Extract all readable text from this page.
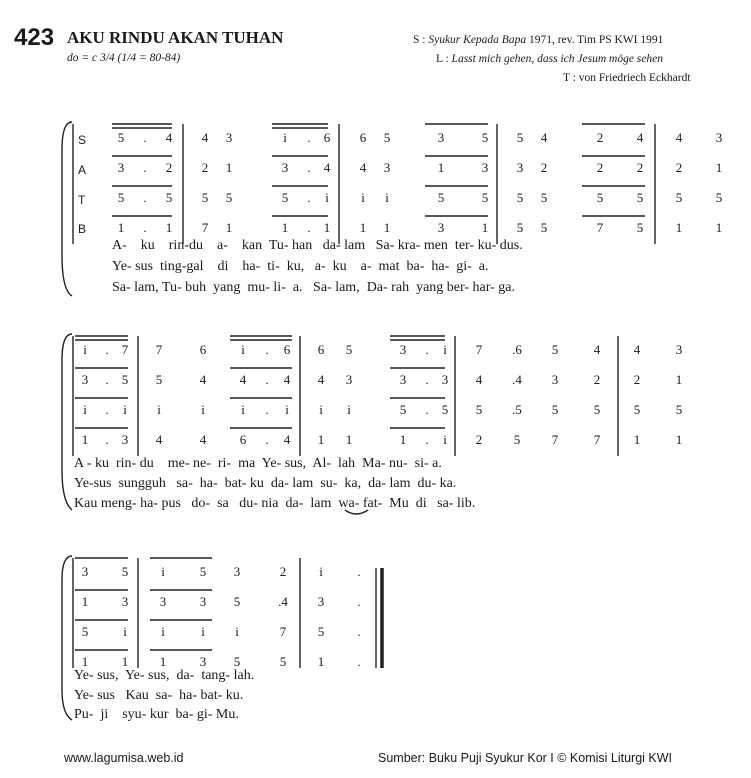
423 AKU RINDU AKAN TUHAN
do = c 3/4 (1/4 = 80-84)
S : Syukur Kepada Bapa 1971, rev. Tim PS KWI 1991
L : Lasst mich gehen, dass ich Jesum möge sehen
T : von Friedriech Eckhardt
S
A
T
B
5	.	4 4 3	i	.	6 6 5	3	5 5 4	2	4	4	3
3	.	2 2 1	3	.	4 4 3	1	3 3 2	2	2	2	1
5	.	5 5 5	5	.	i	i	i	5	5 5 5	5	5	5	5
1	.	1 7 1	1	.	1 1 1	3	1 5 5	7	5	1	1
i	.	7 7	6	i	.	6 6 5	3	.	i	7 .6 5	4	4	3
3	.	5 5	4	4	.	4 4 3	3	.	3 4 .4 3	2	2	1
i	.	i	i	i	i	.	i	i	i	5	.	5 5 .5 5	5	5	5
1	.	3 4	4	6	.	4 1 1	1	.	i	2 5 7	7	1	1
3	5	i	5 3	2	i	.
1	3 3	3 5	.4 3	.
5	i	i	i	i	7 5	.
1	1 1	3 5	5 1	.
A-    ku    rin-du    a-    kan  Tu- han   da- lam   Sa- kra- men  ter- ku- dus.
Ye- sus  ting-gal    di    ha-  ti-  ku,   a-  ku    a-  mat  ba-  ha-  gi-  a.
Sa- lam, Tu- buh  yang  mu- li-  a.   Sa- lam,  Da- rah  yang ber- har- ga.
A - ku  rin- du    me- ne-  ri-  ma  Ye- sus,  Al-  lah  Ma- nu-  si- a.
Ye-sus  sungguh   sa-  ha-  bat- ku  da- lam  su-  ka,  da- lam  du- ka.
Kau meng- ha- pus   do-  sa   du- nia  da-  lam  wa- fat-  Mu  di   sa- lib.
Ye- sus,  Ye- sus,  da-  tang- lah.
Ye- sus   Kau  sa-  ha- bat- ku.
Pu-  ji    syu- kur  ba- gi- Mu.
www.lagumisa.web.id	Sumber: Buku Puji Syukur Kor I © Komisi Liturgi KWI
